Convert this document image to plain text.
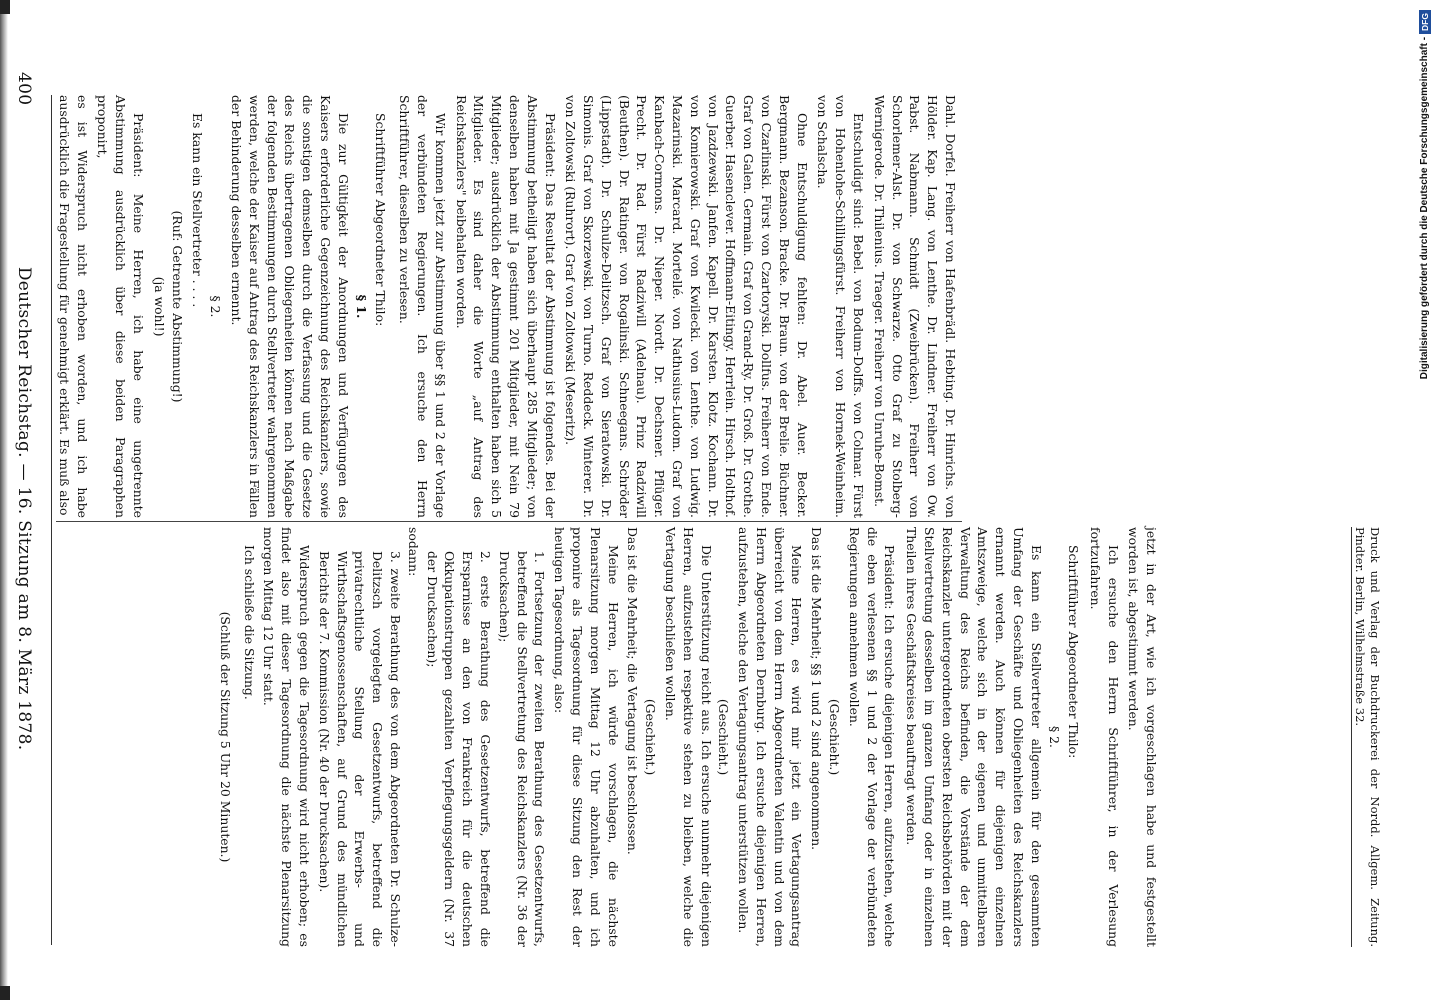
400
Deutscher Reichstag. — 16. Sitzung am 8. März 1878.	Dahl. Dorfel. Freiherr von Hafenbrädl. Hebting. Dr. Hinrichs. von Hölder. Kap. Lang. von Lenthe. Dr. Lindner. Freiherr von Ow. Pabst. Nabmann. Schmidt (Zweibrücken). Freiherr von Schorlemer-Alst. Dr. von Schwarze. Otto Graf zu Stolberg-Wernigerode. Dr. Thilenius. Traeger. Freiherr von Unruhe-Bomst.

Entschuldigt sind: Bebel. von Bodum-Dolffs. von Colmar. Fürst von Hohenlohe-Schillingsfürst. Freiherr von Hornek-Weinheim. von Schalscha.

Ohne Entschuldigung fehlten: Dr. Abel. Auer. Becker. Bergmann. Bezanson. Bracke. Dr. Braun. von der Brelie. Büchner. von Czarlinski. Fürst von Czartoryski. Dollfus. Freiherr von Ende. Graf von Galen. Germain. Graf von Grand-Ry. Dr. Groß. Dr. Grothe. Guerber. Hasenclever. Hoffmann-Eitingy. Herrlein. Hirsch. Holthof. von Jazdzewski. Janfen. Kapell. Dr. Karsten. Klotz. Kochann. Dr. von Komierowski. Graf von Kwilecki. von Lenthe. von Ludwig. Mazarinski. Marcard. Mortellé. von Nathusius-Ludom. Graf von Kanbach-Cormons. Dr. Nieper. Nordt. Dr. Dechsner. Pflüger. Precht. Dr. Rad. Fürst Radziwill (Adelnau). Prinz Radziwill (Beuthen). Dr. Ratinger. von Rogalinski. Schneegans. Schröder (Lippstadt). Dr. Schulze-Delitzsch. Graf von Sieratowski. Dr. Simonis. Graf von Skorzewski. von Turno. Reddeck. Winterer. Dr. von Zoltowski (Ruhrort). Graf von Zoltowski (Meseritz).

Präsident: Das Resultat der Abstimmung ist folgendes. Bei der Abstimmung betheiligt haben sich überhaupt 285 Mitglieder; von denselben haben mit Ja gestimmt 201 Mitglieder, mit Nein 79 Mitglieder; ausdrücklich der Abstimmung enthalten haben sich 5 Mitglieder. Es sind daher die Worte „auf Antrag des Reichskanzlers" beibehalten worden.

Wir kommen jetzt zur Abstimmung über §§ 1 und 2 der Vorlage der verbündeten Regierungen. Ich ersuche den Herrn Schriftführer, dieselben zu verlesen.

Schriftführer Abgeordneter Thilo:

§ 1.

Die zur Gültigkeit der Anordnungen und Verfügungen des Kaisers erforderliche Gegenzeichnung des Reichskanzlers, sowie die sonstigen demselben durch die Verfassung und die Gesetze des Reichs übertragenen Obliegenheiten können nach Maßgabe der folgenden Bestimmungen durch Stellvertreter wahrgenommen werden, welche der Kaiser auf Antrag des Reichskanzlers in Fällen der Behinderung desselben ernennt.

§ 2.

Es kann ein Stellvertreter . . . .

(Ruf: Getrennte Abstimmung!)

(ja wohl!)

Präsident: Meine Herren, ich habe eine ungetrennte Abstimmung ausdrücklich über diese beiden Paragraphen proponirt,

es ist Widerspruch nicht erhoben worden, und ich habe ausdrücklich die Fragestellung für genehmigt erklärt. Es muß also

jetzt in der Art, wie ich vorgeschlagen habe und festgestellt worden ist, abgestimmt werden.

Ich ersuche den Herrn Schriftführer, in der Verlesung fortzufahren.

Schriftführer Abgeordneter Thilo:

§ 2.

Es kann ein Stellvertreter allgemein für den gesammten Umfang der Geschäfte und Obliegenheiten des Reichskanzlers ernannt werden. Auch können für diejenigen einzelnen Amtszweige, welche sich in der eigenen und unmittelbaren Verwaltung des Reichs befinden, die Vorstände der dem Reichskanzler untergeordneten obersten Reichsbehörden mit der Stellvertretung desselben im ganzen Umfang oder in einzelnen Theilen ihres Geschäftskreises beauftragt werden.

Präsident: Ich ersuche diejenigen Herren, aufzustehen, welche die eben verlesenen §§ 1 und 2 der Vorlage der verbündeten Regierungen annehmen wollen.

(Geschieht.)

Das ist die Mehrheit; §§ 1 und 2 sind angenommen.

Meine Herren, es wird mir jetzt ein Vertagungsantrag überreicht von dem Herrn Abgeordneten Valentin und von dem Herrn Abgeordneten Dernburg. Ich ersuche diejenigen Herren, aufzustehen, welche den Vertagungsantrag unterstützen wollen.

(Geschieht.)

Die Unterstützung reicht aus. Ich ersuche nunmehr diejenigen Herren, aufzustehen respektive stehen zu bleiben, welche die Vertagung beschließen wollen.

(Geschieht.)

Das ist die Mehrheit; die Vertagung ist beschlossen.

Meine Herren, ich würde vorschlagen, die nächste Plenarsitzung morgen Mittag 12 Uhr abzuhalten, und ich proponire als Tagesordnung für diese Sitzung den Rest der heutigen Tagesordnung, also:

1. Fortsetzung der zweiten Berathung des Gesetzentwurfs, betreffend die Stellvertretung des Reichskanzlers (Nr. 36 der Drucksachen);

2. erste Berathung des Gesetzentwurfs, betreffend die Ersparnisse an den von Frankreich für die deutschen Okkupationstruppen gezahlten Verpflegungsgeldern (Nr. 37 der Drucksachen);

sodann:

3. zweite Berathung des von dem Abgeordneten Dr. Schulze-Delitzsch vorgelegten Gesetzentwurfs, betreffend die privatrechtliche Stellung der Erwerbs- und Wirthschaftsgenossenschaften, auf Grund des mündlichen Berichts der 7. Kommission (Nr. 40 der Drucksachen).

Widerspruch gegen die Tagesordnung wird nicht erhoben; es findet also mit dieser Tagesordnung die nächste Plenarsitzung morgen Mittag 12 Uhr statt.

Ich schließe die Sitzung.

(Schluß der Sitzung 5 Uhr 20 Minuten.)	Druck und Verlag der Buchdruckerei der Nordd. Allgem. Zeitung. Pindter. Berlin, Wilhelmstraße 32.
Digitalisierung gefördert durch die Deutsche Forschungsgemeinschaft -
DFG
